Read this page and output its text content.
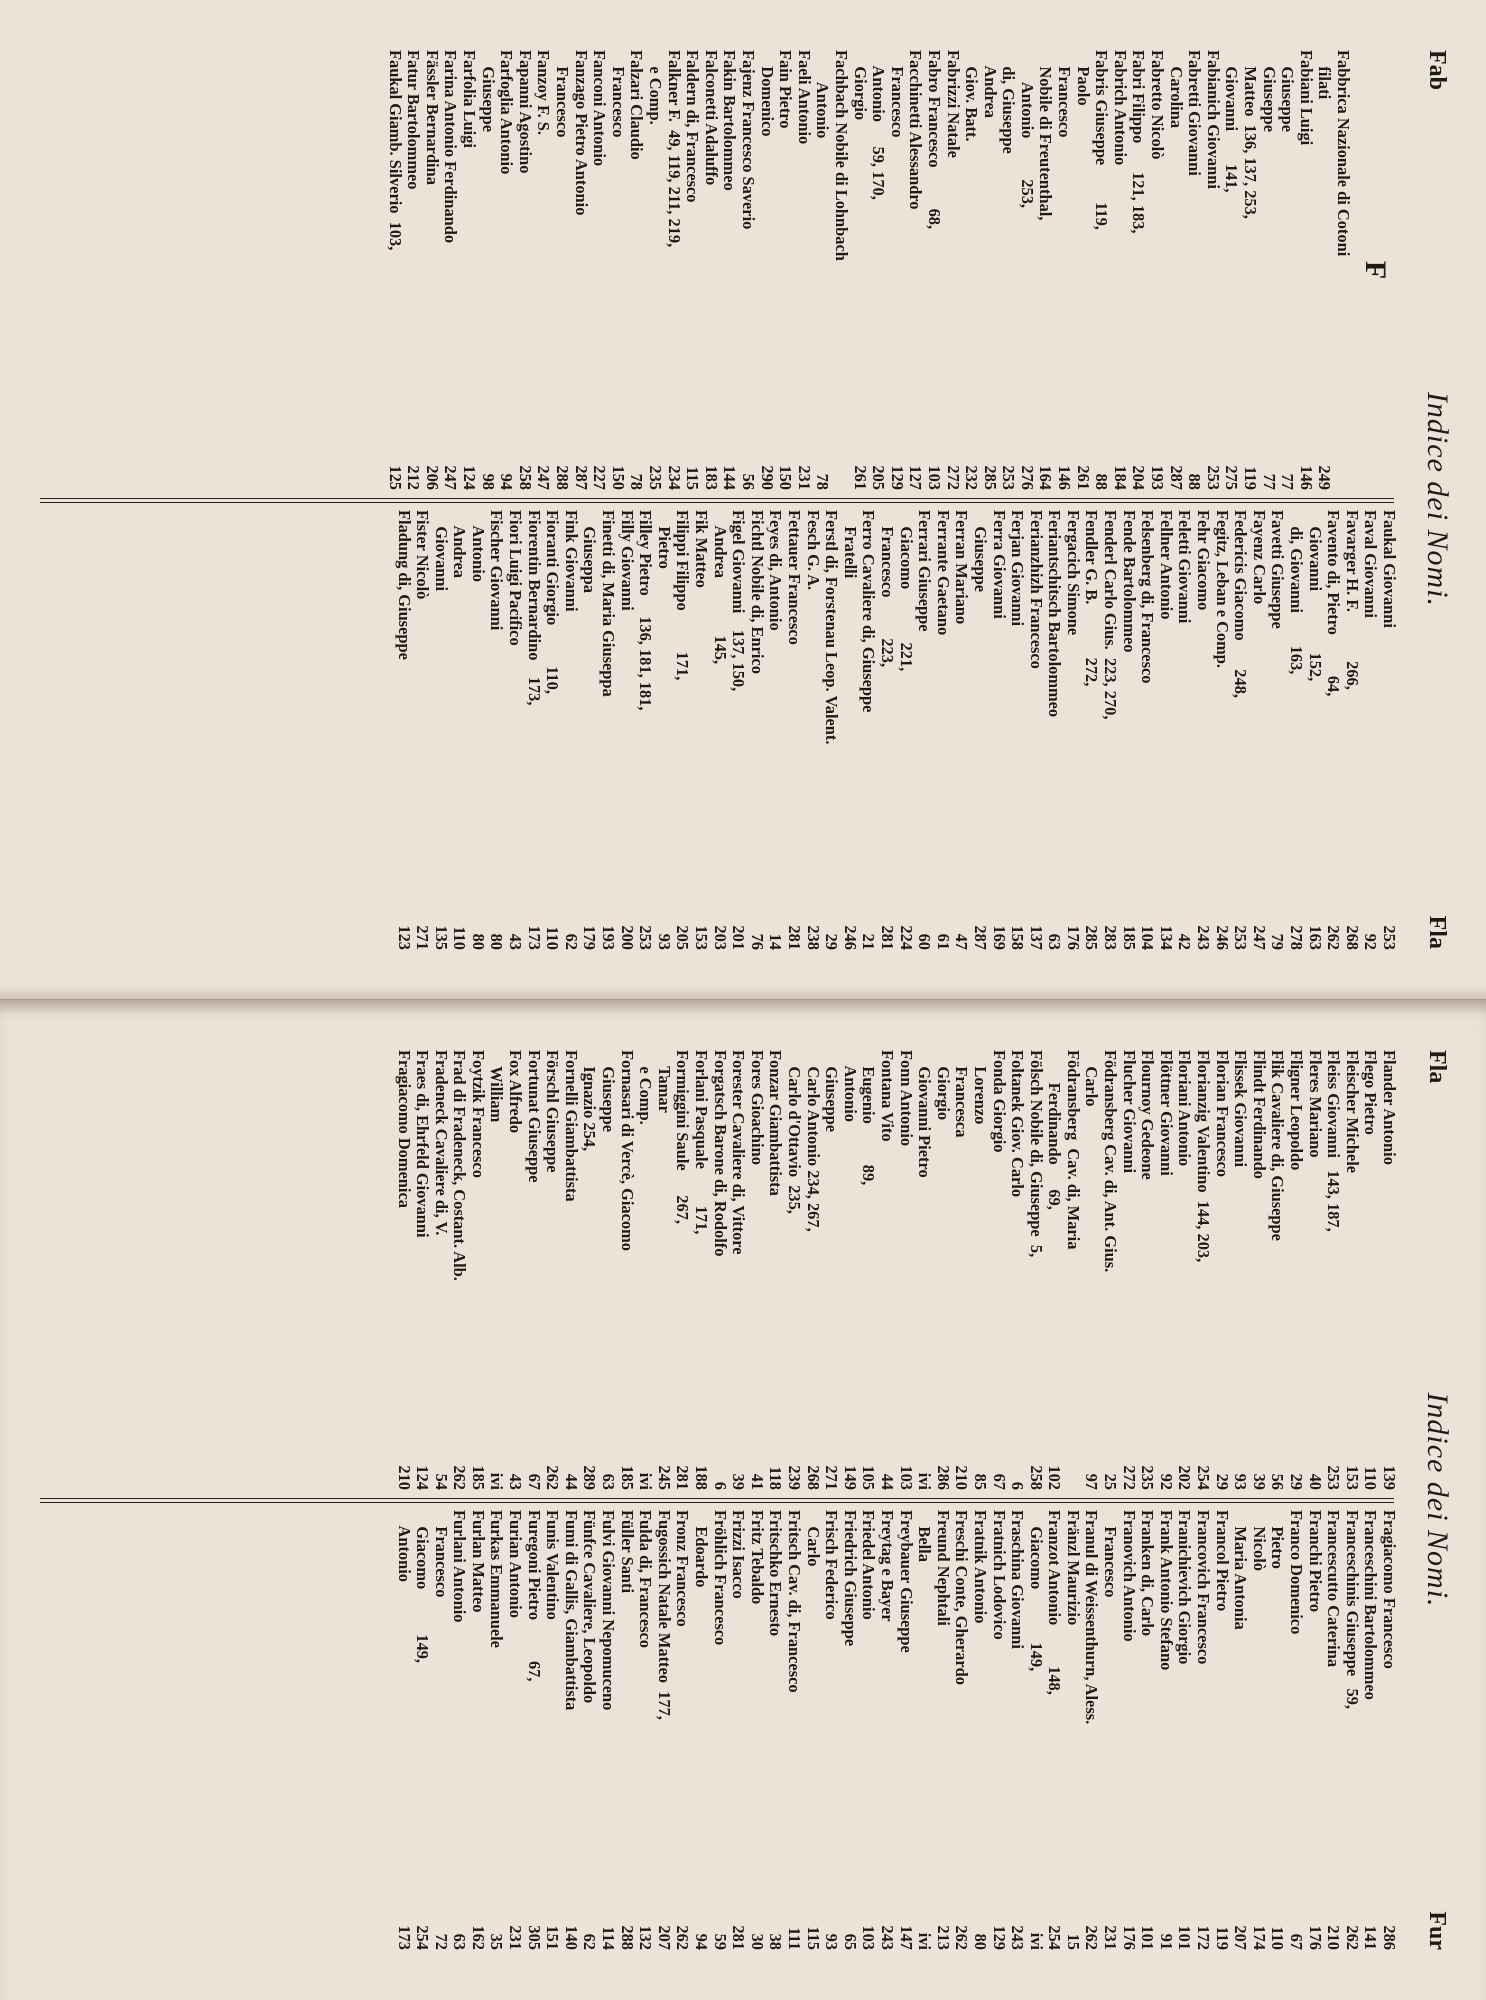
Fab
Indice dei Nomi.
Fla
F
Fabbrica Nazionale di Cotoni
filati
249
Fabiani Luigi
146
Giuseppe
77
Giuseppe
77
Matteo  136, 137, 253,
119
Giovanni        141,
275
Fabianich Giovanni
253
Fabretti Giovanni
88
Carolina
287
Fabretto Nicolò
193
Fabri Filippo       121, 183,
204
Fabrich Antonio
184
Fabris Giuseppe         119,
88
Paolo
261
Francesco
146
Nobile di Freutenthal,
164
Antonio          253,
276
di, Giuseppe
253
Andrea
285
Giov. Batt.
232
Fabrizzi Natale
272
Fabro Francesco          68,
103
Facchinetti Alessandro
127
Francesco
129
Antonio      59, 170,
205
Giorgio
261
Fachbach Nobile di Lohnbach
Antonio
78
Faeli Antonio
231
Fain Pietro
150
Domenico
290
Fajenz Francesco Saverio
56
Fakin Bartolommeo
144
Falconetti Adaluffo
183
Faldern di, Francesco
115
Falkner F.  49, 119, 211, 219,
234
e Comp.
235
Falzari Claudio
78
Francesco
150
Fanconi Antonio
227
Fanzago Pietro Antonio
287
Francesco
288
Fanzoy F. S.
247
Fapanni Agostino
258
Farfoglia Antonio
94
Giuseppe
98
Farfolia Luigi
124
Farina Antonio Ferdinando
247
Fässler Bernardina
206
Fatur Bartolommeo
212
Faukal Giamb. Silverio  103,
125
Faukal Giovanni
253
Faval Giovanni
92
Favarger H. F.            266,
268
Favento di, Pietro          64,
262
Giovanni               152,
163
di, Giovanni        163,
278
Favetti Giuseppe
79
Fayenz Carlo
247
Federicis Giacomo       248,
253
Fegitz, Leban e Comp.
246
Fehr Giacomo
243
Feletti Giovanni
42
Fellner Antonio
134
Felsenberg di, Francesco
104
Fende Bartolommeo
185
Fenderl Carlo Gius.  223, 270,
283
Fendler G. B.             272,
285
Fergacich Simone
176
Feriantschitsch Bartolommeo
63
Ferianzhizh Francesco
137
Ferjan Giovanni
158
Ferra Giovanni
169
Giuseppe
287
Ferran Mariano
47
Ferrante Gaetano
61
Ferrari Giuseppe
60
Giacomo             221,
224
Francesco          223,
281
Ferro Cavaliere di, Giuseppe
21
Fratelli
246
Ferstl di, Forstenau Leop. Valent.
29
Fesch G. A.
238
Fettauer Francesco
281
Feyes di, Antonio
14
Fichtl Nobile di, Enrico
76
Figel Giovanni    137, 150,
201
Andrea              145,
203
Fik Matteo
153
Filippi Filippo          171,
205
Pietro
93
Filley Pietro     136, 181, 181,
253
Filly Giovanni
200
Finetti di, Maria Giuseppa
193
Giuseppa
179
Fink Giovanni
62
Fioranti Giorgio          110,
110
Fiorentin Bernardino    173,
173
Fiori Luigi Pacifico
43
Fischer Giovanni
80
Antonio
80
Andrea
110
Giovanni
135
Fister Nicolò
271
Fladung di, Giuseppe
123
Fla
Indice dei Nomi.
Fur
Flander Antonio
139
Flego Pietro
110
Fleischer Michele
153
Fleiss Giovanni   143, 187,
253
Fleres Mariano
40
Fligner Leopoldo
29
Flik Cavaliere di, Giuseppe
56
Flindt Ferdinando
39
Flissek Giovanni
93
Florian Francesco
29
Florianzig Valentino  144, 203,
254
Floriani Antonio
202
Flöttner Giovanni
92
Flournoy Gedeone
235
Flucher Giovanni
272
Födransberg Cav. di, Ant. Gius.
25
Carlo
97
Födransberg  Cav. di, Maria
Ferdinando      69,
102
Fölsch Nobile di, Giuseppe  5,
258
Foltanek Giov. Carlo
6
Fonda Giorgio
67
Lorenzo
85
Francesca
210
Giorgio
286
Giovanni Pietro
ivi
Fonn Antonio
103
Fontana Vito
44
Eugenio          89,
105
Antonio
149
Giuseppe
271
Carlo Antonio 234, 267,
268
Carlo d'Ottavio  235,
239
Fonzar Giambattista
118
Fores Gioachino
41
Forester Cavaliere di, Vittore
39
Forgatsch Barone di, Rodolfo
6
Forlani Pasquale         171,
188
Formiggini Saule      267,
281
Tamar
245
e Comp.
ivi
Fornasari di Vercè, Giacomo
185
Giuseppe
63
Ignazio 254,
289
Fornelli Giambattista
44
Förschl Giuseppe
262
Fortunat Giuseppe
67
Fox Alfredo
43
William
ivi
Foytzik Francesco
185
Frad di Fradeneck, Costant. Alb.
262
Fradeneck Cavaliere di, V.
54
Fraes di, Ehrfeld Giovanni
124
Fragiacomo Domenica
210
Fragiacomo Francesco
286
Franceschini Bartolommeo
141
Franceschinis Giuseppe   59,
262
Francescutto Caterina
210
Franchi Pietro
176
Franco Domenico
67
Pietro
110
Nicolò
174
Maria Antonia
207
Francol Pietro
119
Francovich Francesco
172
Franichievich Giorgio
101
Frank Antonio Stefano
91
Franken di, Carlo
101
Franovich Antonio
176
Francesco
231
Franul di Weissenthurn, Aless.
262
Fränzl Maurizio
15
Franzot Antonio          148,
254
Giacomo             149,
ivi
Fraschina Giovanni
243
Fratnich Lodovico
129
Fratnik Antonio
80
Freschi Conte, Gherardo
262
Freund Nephtali
213
Bella
ivi
Freybauer Giuseppe
147
Freytag e Bayer
243
Friedel Antonio
103
Friedrich Giuseppe
65
Frisch Federico
93
Carlo
115
Fritsch Cav. di, Francesco
111
Fritschko Ernesto
38
Fritz Tebaldo
30
Frizzi Isacco
281
Fröhlich Francesco
59
Edoardo
94
Fronz Francesco
262
Fugossich Natale Matteo  177,
207
Fulda di, Francesco
132
Füller Santi
288
Fulvi Giovanni Nepomuceno
114
Fünfce Cavaliere, Leopoldo
62
Fumi di Gallis, Giambattista
140
Funis Valentino
151
Furegoni Pietro          67,
305
Furian Antonio
231
Furkas Emmanuele
35
Furlan Matteo
162
Furlani Antonio
63
Francesco
72
Giacomo           149,
254
Antonio
173
